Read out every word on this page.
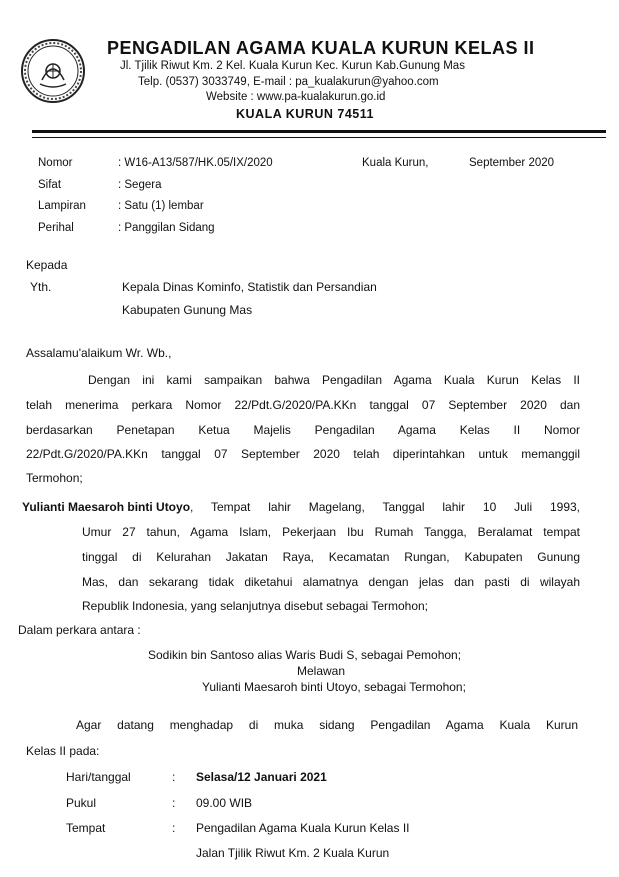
PENGADILAN AGAMA KUALA KURUN KELAS II
Jl. Tjilik Riwut Km. 2 Kel. Kuala Kurun Kec. Kurun Kab.Gunung Mas
Telp. (0537) 3033749, E-mail : pa_kualakurun@yahoo.com
Website : www.pa-kualakurun.go.id
KUALA KURUN 74511
Nomor	: W16-A13/587/HK.05/IX/2020	Kuala Kurun,	September 2020
Sifat	: Segera
Lampiran	: Satu (1) lembar
Perihal	: Panggilan Sidang
Kepada
Yth.	Kepala Dinas Kominfo, Statistik dan Persandian
Kabupaten Gunung Mas
Assalamu'alaikum Wr. Wb.,
Dengan ini kami sampaikan bahwa Pengadilan Agama Kuala Kurun Kelas II
telah menerima perkara Nomor 22/Pdt.G/2020/PA.KKn tanggal 07 September 2020 dan
berdasarkan Penetapan Ketua Majelis Pengadilan Agama Kelas II Nomor
22/Pdt.G/2020/PA.KKn tanggal 07 September 2020 telah diperintahkan untuk memanggil
Termohon;
Yulianti Maesaroh binti Utoyo , Tempat lahir Magelang, Tanggal lahir 10 Juli 1993,
Umur 27 tahun, Agama Islam, Pekerjaan Ibu Rumah Tangga, Beralamat tempat
tinggal di Kelurahan Jakatan Raya, Kecamatan Rungan, Kabupaten Gunung
Mas, dan sekarang tidak diketahui alamatnya dengan jelas dan pasti di wilayah
Republik Indonesia, yang selanjutnya disebut sebagai Termohon;
Dalam perkara antara :
Sodikin bin Santoso alias Waris Budi S, sebagai Pemohon;
Melawan
Yulianti Maesaroh binti Utoyo, sebagai Termohon;
Agar datang menghadap di muka sidang Pengadilan Agama Kuala Kurun
Kelas II pada:
Hari/tanggal	: Selasa/12 Januari 2021
Pukul	: 09.00 WIB
Tempat	: Pengadilan Agama Kuala Kurun Kelas II
Jalan Tjilik Riwut Km. 2 Kuala Kurun
